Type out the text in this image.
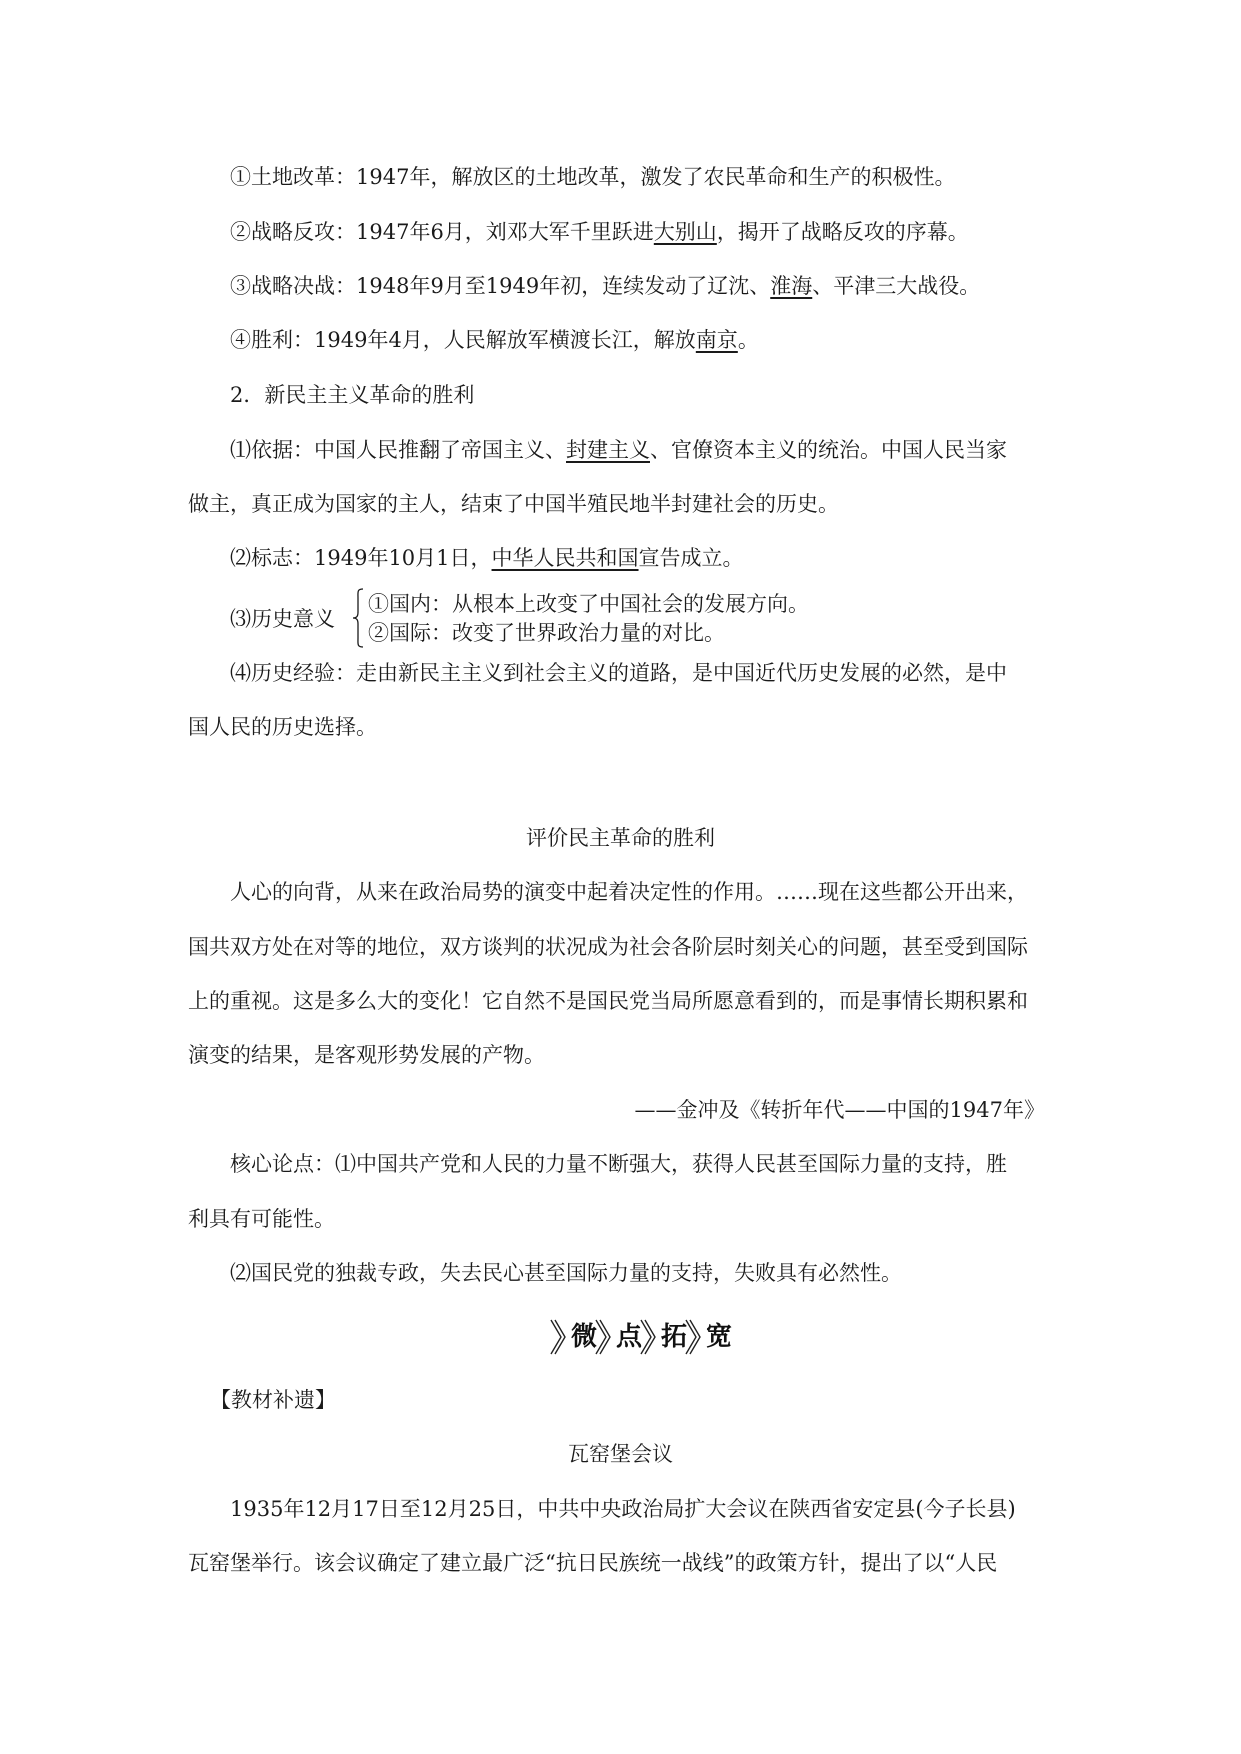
①土地改革：1947年，解放区的土地改革，激发了农民革命和生产的积极性。
②战略反攻：1947年6月，刘邓大军千里跃进大别山，揭开了战略反攻的序幕。
③战略决战：1948年9月至1949年初，连续发动了辽沈、淮海、平津三大战役。
④胜利：1949年4月，人民解放军横渡长江，解放南京。
2．新民主主义革命的胜利
⑴依据：中国人民推翻了帝国主义、封建主义、官僚资本主义的统治。中国人民当家
做主，真正成为国家的主人，结束了中国半殖民地半封建社会的历史。
⑵标志：1949年10月1日，中华人民共和国宣告成立。
⑶历史意义
①国内：从根本上改变了中国社会的发展方向。
②国际：改变了世界政治力量的对比。
⑷历史经验：走由新民主主义到社会主义的道路，是中国近代历史发展的必然，是中
国人民的历史选择。
评价民主革命的胜利
人心的向背，从来在政治局势的演变中起着决定性的作用。……现在这些都公开出来，
国共双方处在对等的地位，双方谈判的状况成为社会各阶层时刻关心的问题，甚至受到国际
上的重视。这是多么大的变化！它自然不是国民党当局所愿意看到的，而是事情长期积累和
演变的结果，是客观形势发展的产物。
——金冲及《转折年代——中国的1947年》
核心论点：⑴中国共产党和人民的力量不断强大，获得人民甚至国际力量的支持，胜
利具有可能性。
⑵国民党的独裁专政，失去民心甚至国际力量的支持，失败具有必然性。
微 点 拓 宽
【教材补遗】
瓦窑堡会议
1935年12月17日至12月25日，中共中央政治局扩大会议在陕西省安定县(今子长县)
瓦窑堡举行。该会议确定了建立最广泛“抗日民族统一战线”的政策方针，提出了以“人民
